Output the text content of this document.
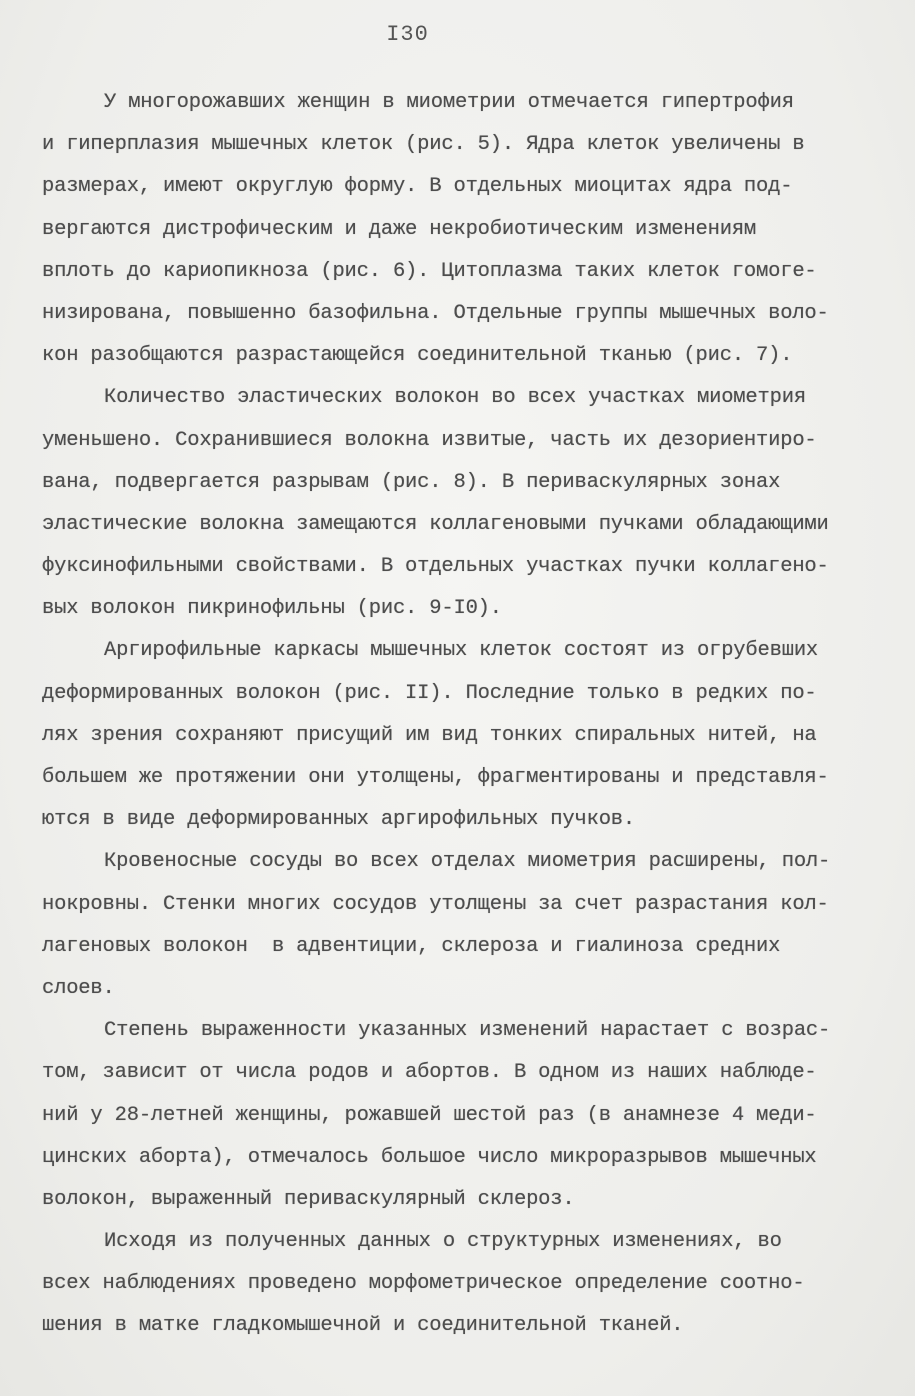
I30
У многорожавших женщин в миометрии отмечается гипертрофия
и гиперплазия мышечных клеток (рис. 5). Ядра клеток увеличены в
размерах, имеют округлую форму. В отдельных миоцитах ядра под-
вергаются дистрофическим и даже некробиотическим изменениям
вплоть до кариопикноза (рис. 6). Цитоплазма таких клеток гомоге-
низирована, повышенно базофильна. Отдельные группы мышечных воло-
кон разобщаются разрастающейся соединительной тканью (рис. 7).
Количество эластических волокон во всех участках миометрия
уменьшено. Сохранившиеся волокна извитые, часть их дезориентиро-
вана, подвергается разрывам (рис. 8). В периваскулярных зонах
эластические волокна замещаются коллагеновыми пучками обладающими
фуксинофильными свойствами. В отдельных участках пучки коллагено-
вых волокон пикринофильны (рис. 9-I0).
Аргирофильные каркасы мышечных клеток состоят из огрубевших
деформированных волокон (рис. II). Последние только в редких по-
лях зрения сохраняют присущий им вид тонких спиральных нитей, на
большем же протяжении они утолщены, фрагментированы и представля-
ются в виде деформированных аргирофильных пучков.
Кровеносные сосуды во всех отделах миометрия расширены, пол-
нокровны. Стенки многих сосудов утолщены за счет разрастания кол-
лагеновых волокон  в адвентиции, склероза и гиалиноза средних
слоев.
Степень выраженности указанных изменений нарастает с возрас-
том, зависит от числа родов и абортов. В одном из наших наблюде-
ний у 28-летней женщины, рожавшей шестой раз (в анамнезе 4 меди-
цинских аборта), отмечалось большое число микроразрывов мышечных
волокон, выраженный периваскулярный склероз.
Исходя из полученных данных о структурных изменениях, во
всех наблюдениях проведено морфометрическое определение соотно-
шения в матке гладкомышечной и соединительной тканей.
